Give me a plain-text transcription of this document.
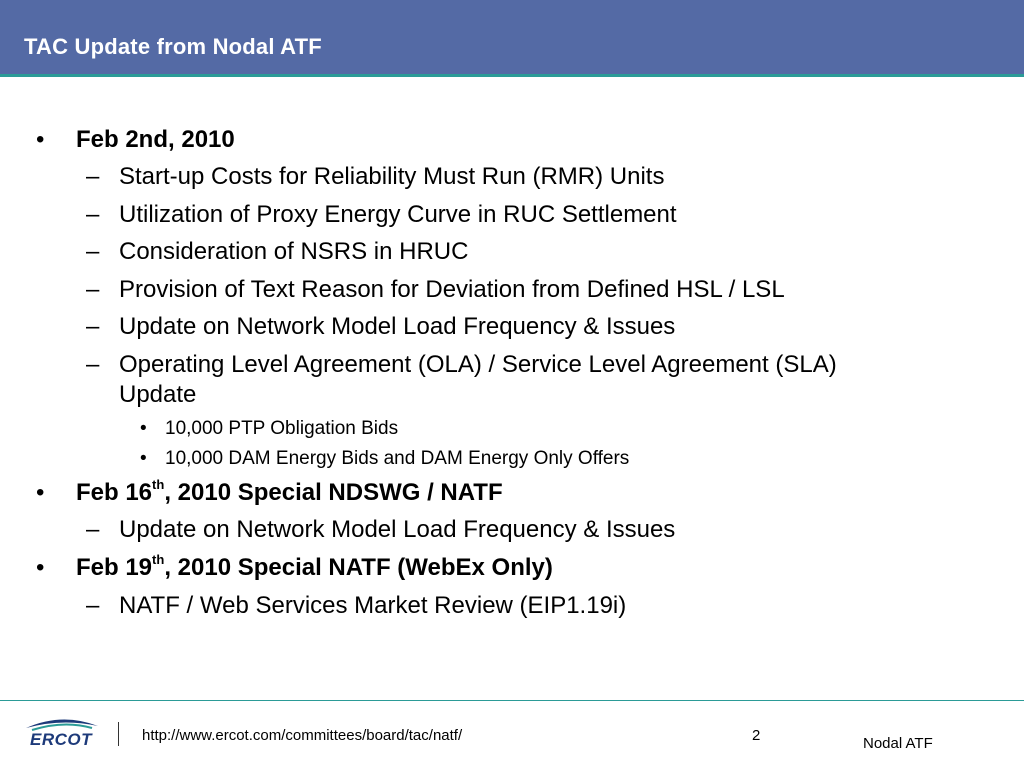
TAC Update from Nodal ATF
•	Feb 2nd, 2010
– Start-up Costs for Reliability Must Run (RMR) Units
– Utilization of Proxy Energy Curve in RUC Settlement
– Consideration of NSRS in HRUC
– Provision of Text Reason for Deviation from Defined HSL / LSL
– Update on Network Model Load Frequency & Issues
– Operating Level Agreement (OLA) / Service Level Agreement (SLA)
Update
• 10,000 PTP Obligation Bids
• 10,000 DAM Energy Bids and DAM Energy Only Offers
•	Feb 16th, 2010 Special NDSWG / NATF
– Update on Network Model Load Frequency & Issues
•	Feb 19th, 2010 Special NATF (WebEx Only)
– NATF / Web Services Market Review (EIP1.19i)
ERCOT	http://www.ercot.com/committees/board/tac/natf/	2	Nodal ATF
